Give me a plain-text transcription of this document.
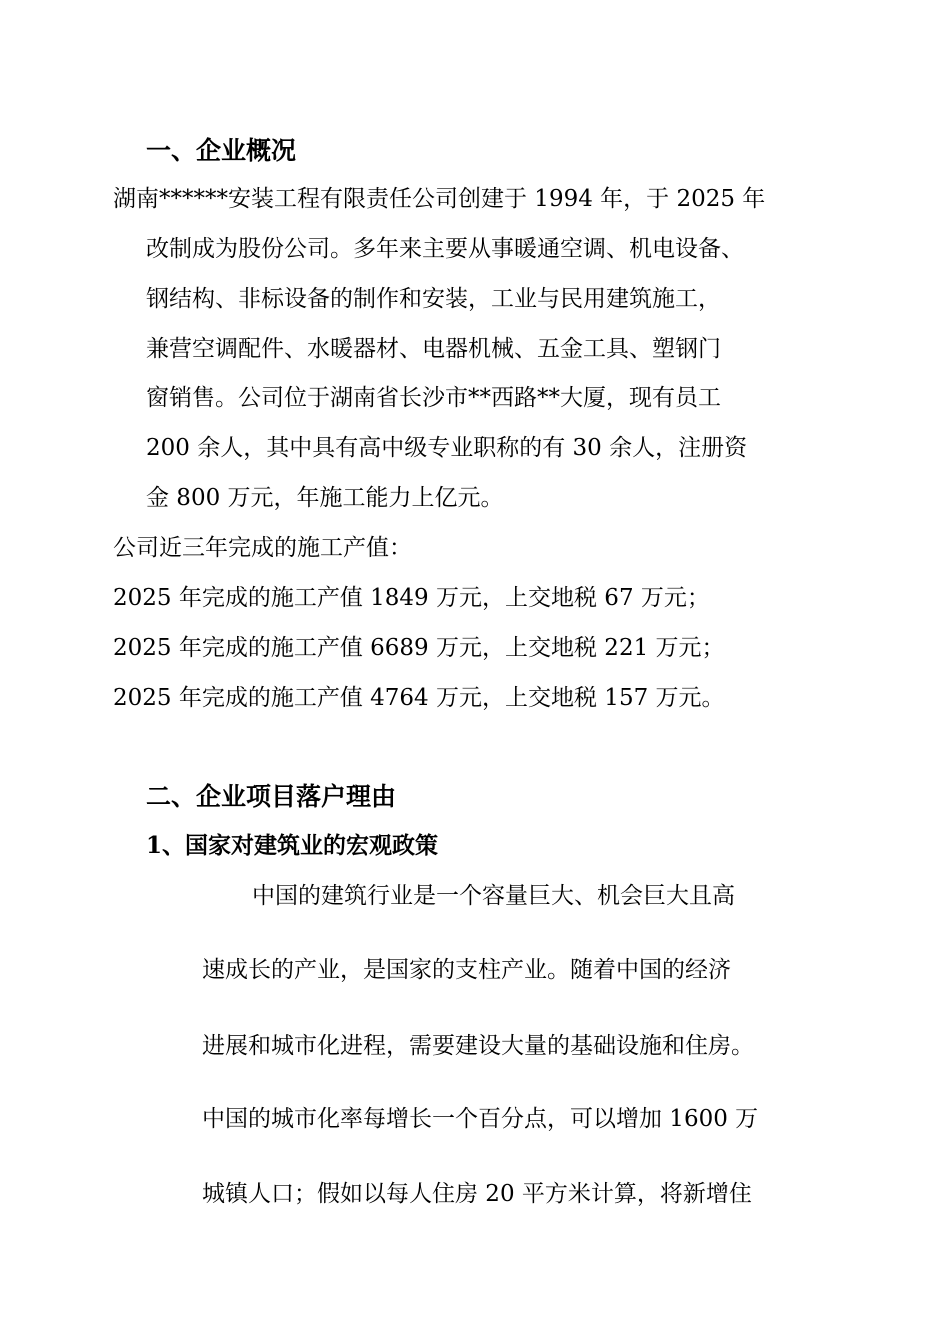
一、企业概况
湖南******安装工程有限责任公司创建于 1994 年，于 2025 年
改制成为股份公司。多年来主要从事暖通空调、机电设备、
钢结构、非标设备的制作和安装，工业与民用建筑施工，
兼营空调配件、水暖器材、电器机械、五金工具、塑钢门
窗销售。公司位于湖南省长沙市**西路**大厦，现有员工
200 余人，其中具有高中级专业职称的有 30 余人，注册资
金 800 万元，年施工能力上亿元。
公司近三年完成的施工产值：
2025 年完成的施工产值 1849 万元，上交地税 67 万元；
2025 年完成的施工产值 6689 万元，上交地税 221 万元；
2025 年完成的施工产值 4764 万元，上交地税 157 万元。
二、企业项目落户理由
1、国家对建筑业的宏观政策
中国的建筑行业是一个容量巨大、机会巨大且高
速成长的产业，是国家的支柱产业。随着中国的经济
进展和城市化进程，需要建设大量的基础设施和住房。
中国的城市化率每增长一个百分点，可以增加 1600 万
城镇人口；假如以每人住房 20 平方米计算，将新增住
